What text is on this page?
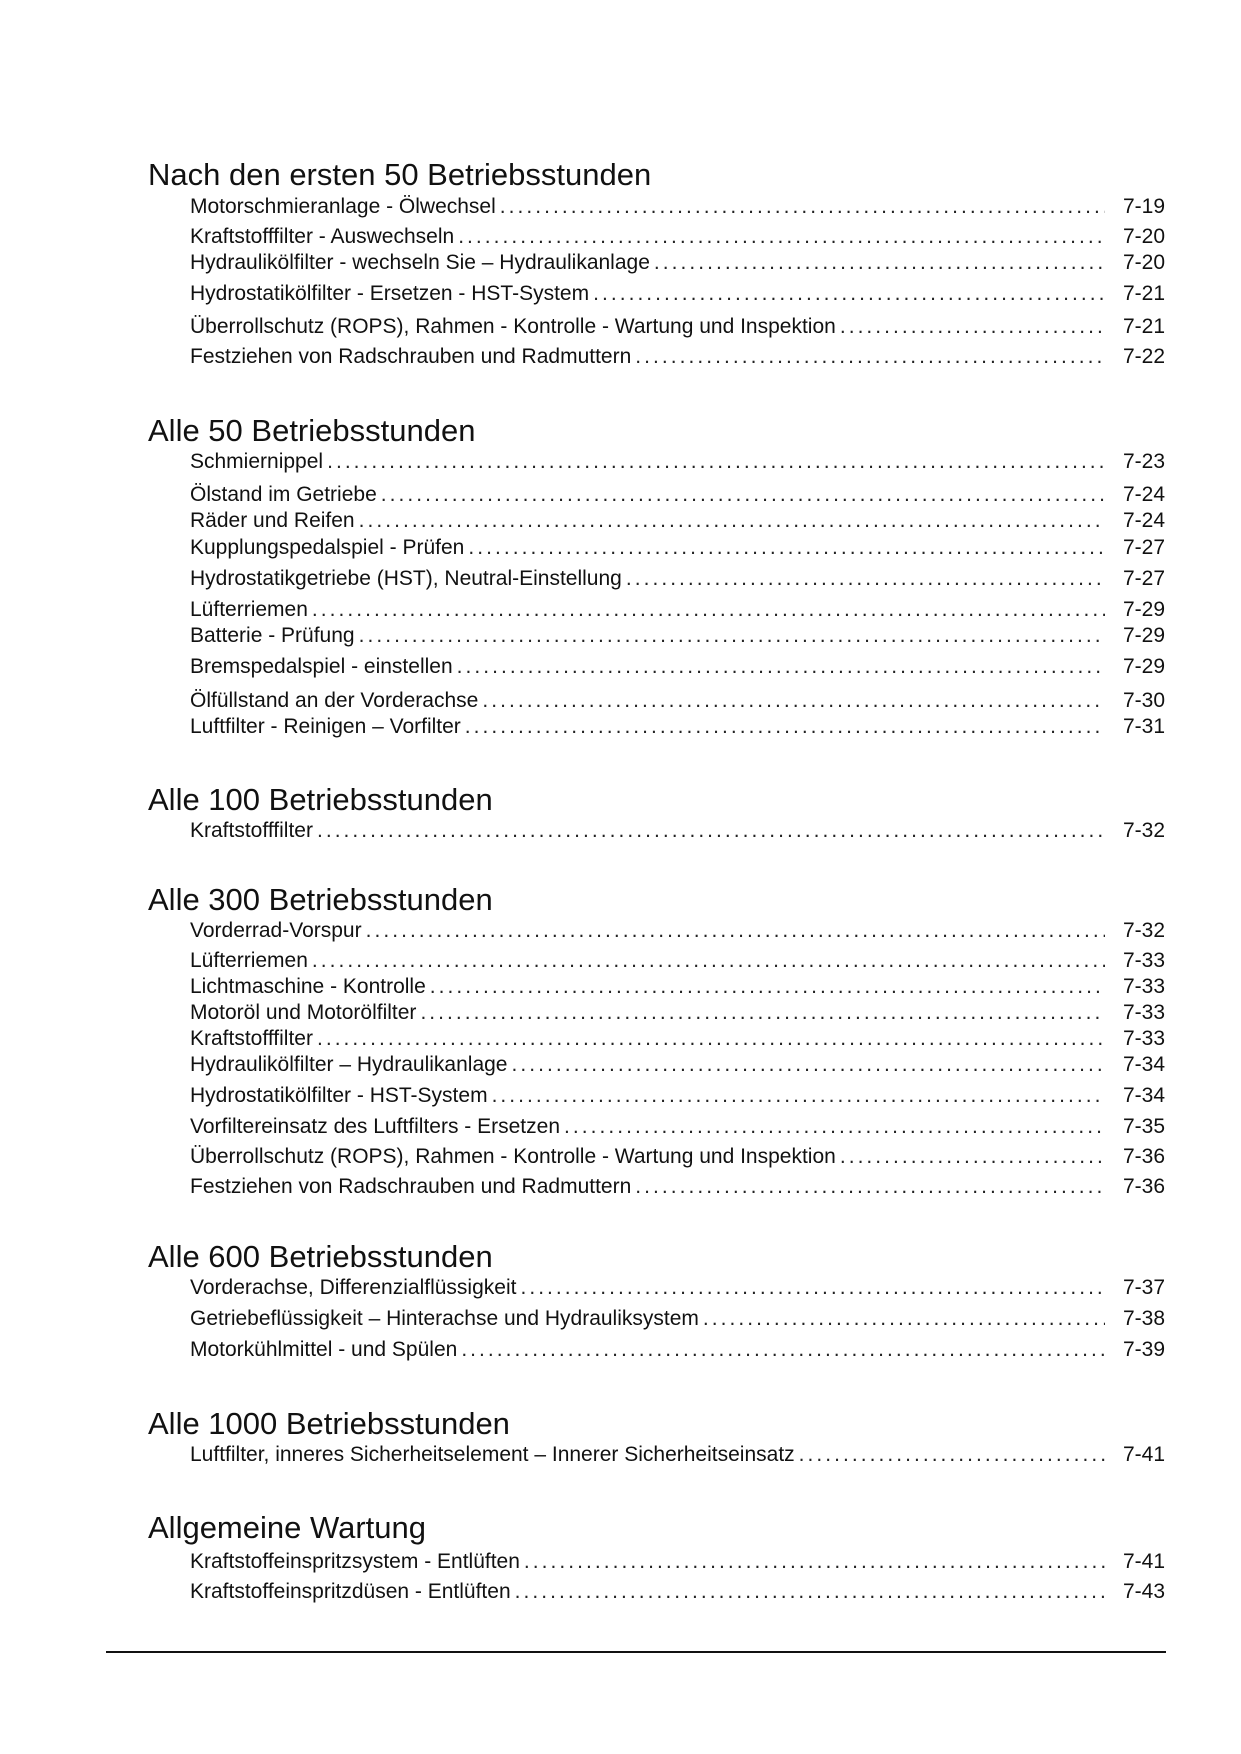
Nach den ersten 50 Betriebsstunden
Motorschmieranlage - Ölwechsel . . .	7-19
Kraftstofffilter - Auswechseln . . .	7-20
Hydraulikölfilter - wechseln Sie – Hydraulikanlage . . .	7-20
Hydrostatikölfilter - Ersetzen - HST-System . . .	7-21
Überrollschutz (ROPS), Rahmen - Kontrolle - Wartung und Inspektion . . .	7-21
Festziehen von Radschrauben und Radmuttern . . .	7-22
Alle 50 Betriebsstunden
Schmiernippel . . .	7-23
Ölstand im Getriebe . . .	7-24
Räder und Reifen . . .	7-24
Kupplungspedalspiel - Prüfen . . .	7-27
Hydrostatikgetriebe (HST), Neutral-Einstellung . . .	7-27
Lüfterriemen . . .	7-29
Batterie - Prüfung . . .	7-29
Bremspedalspiel - einstellen . . .	7-29
Ölfüllstand an der Vorderachse . . .	7-30
Luftfilter - Reinigen – Vorfilter . . .	7-31
Alle 100 Betriebsstunden
Kraftstofffilter . . .	7-32
Alle 300 Betriebsstunden
Vorderrad-Vorspur . . .	7-32
Lüfterriemen . . .	7-33
Lichtmaschine - Kontrolle . . .	7-33
Motoröl und Motorölfilter . . .	7-33
Kraftstofffilter . . .	7-33
Hydraulikölfilter – Hydraulikanlage . . .	7-34
Hydrostatikölfilter - HST-System . . .	7-34
Vorfiltereinsatz des Luftfilters - Ersetzen . . .	7-35
Überrollschutz (ROPS), Rahmen - Kontrolle - Wartung und Inspektion . . .	7-36
Festziehen von Radschrauben und Radmuttern . . .	7-36
Alle 600 Betriebsstunden
Vorderachse, Differenzialflüssigkeit . . .	7-37
Getriebeflüssigkeit – Hinterachse und Hydrauliksystem . . .	7-38
Motorkühlmittel - und Spülen . . .	7-39
Alle 1000 Betriebsstunden
Luftfilter, inneres Sicherheitselement – Innerer Sicherheitseinsatz . . .	7-41
Allgemeine Wartung
Kraftstoffeinspritzsystem - Entlüften . . .	7-41
Kraftstoffeinspritzdüsen - Entlüften . . .	7-43
